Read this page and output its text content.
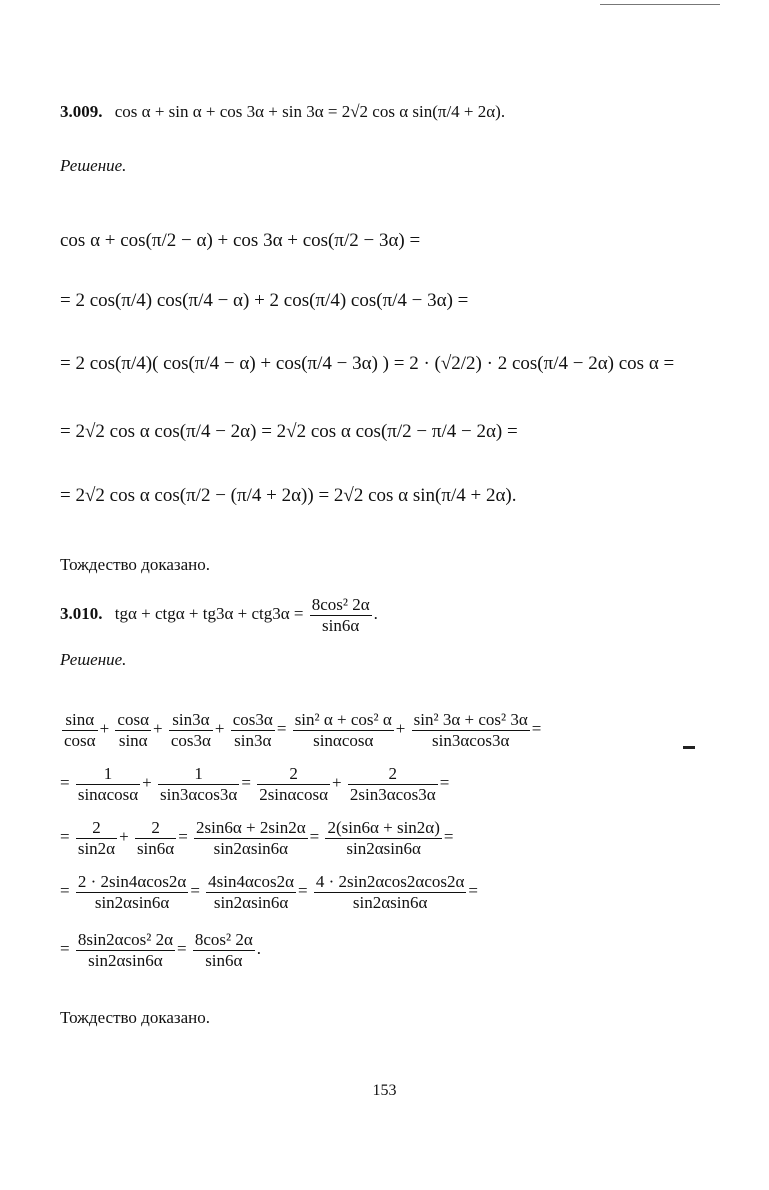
3.009. cos α + sin α + cos 3α + sin 3α = 2√2 cos α sin(π/4 + 2α).
Решение.
cos α + cos(π/2 − α) + cos 3α + cos(π/2 − 3α) =
= 2 cos(π/4) cos(π/4 − α) + 2 cos(π/4) cos(π/4 − 3α) =
= 2 cos(π/4)( cos(π/4 − α) + cos(π/4 − 3α) ) = 2 · (√2/2) · 2 cos(π/4 − 2α) cos α =
= 2√2 cos α cos(π/4 − 2α) = 2√2 cos α cos(π/2 − π/4 − 2α) =
= 2√2 cos α cos(π/2 − (π/4 + 2α)) = 2√2 cos α sin(π/4 + 2α).
Тождество доказано.
3.010. $tg\alpha + ctg\alpha + tg3\alpha + ctg3\alpha = \frac{\text{8cos² 2α}}{\sin 6\alpha}$ .
Решение.
$\frac{\sin\alpha}{\cos\alpha} + \frac{\cos\alpha}{\sin\alpha} + \frac{\sin 3\alpha}{\cos 3\alpha} + \frac{\cos 3\alpha}{\sin 3\alpha} = \frac{\text{sin² α + cos² α}}{\sin\alpha\cos\alpha} + \frac{\text{sin² 3α + cos² 3α}}{\sin 3\alpha\cos 3\alpha}$ =
= $\frac{1}{\sin\alpha\cos\alpha} + \frac{1}{\sin 3\alpha\cos 3\alpha} = \frac{2}{2\sin\alpha\cos\alpha} + \frac{2}{2\sin 3\alpha\cos 3\alpha}$ =
= $\frac{2}{\sin 2\alpha} + \frac{2}{\sin 6\alpha} = \frac{2\sin 6\alpha + 2\sin 2\alpha}{\sin 2\alpha\sin 6\alpha} = \frac{2(\sin 6\alpha + \sin 2\alpha)}{\sin 2\alpha\sin 6\alpha}$ =
= $\frac{2 \cdot 2\sin 4\alpha\cos 2\alpha}{\sin 2\alpha\sin 6\alpha} = \frac{4\sin 4\alpha\cos 2\alpha}{\sin 2\alpha\sin 6\alpha} = \frac{4 \cdot 2\sin 2\alpha\cos 2\alpha\cos 2\alpha}{\sin 2\alpha\sin 6\alpha}$ =
= $\frac{\text{8sin2αcos² 2α}}{\sin 2\alpha\sin 6\alpha} = \frac{\text{8cos² 2α}}{\sin 6\alpha}$ .
Тождество доказано.
153
